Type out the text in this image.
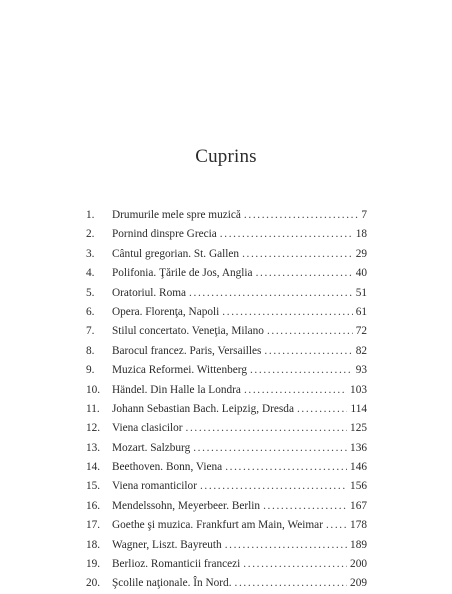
Cuprins
1.	Drumurile mele spre muzică . . .	7
2.	Pornind dinspre Grecia . . .	18
3.	Cântul gregorian. St. Gallen . . .	29
4.	Polifonia. Ţările de Jos, Anglia . . .	40
5.	Oratoriul. Roma . . .	51
6.	Opera. Florenţa, Napoli . . .	61
7.	Stilul concertato. Veneţia, Milano . . .	72
8.	Barocul francez. Paris, Versailles . . .	82
9.	Muzica Reformei. Wittenberg . . .	93
10.	Händel. Din Halle la Londra . . .	103
11.	Johann Sebastian Bach. Leipzig, Dresda . . .	114
12.	Viena clasicilor . . .	125
13.	Mozart. Salzburg . . .	136
14.	Beethoven. Bonn, Viena . . .	146
15.	Viena romanticilor . . .	156
16.	Mendelssohn, Meyerbeer. Berlin . . .	167
17.	Goethe şi muzica. Frankfurt am Main, Weimar . . . 178
18.	Wagner, Liszt. Bayreuth . . .	189
19.	Berlioz. Romanticii francezi . . .	200
20.	Şcolile naţionale. În Nord. . . .	209
